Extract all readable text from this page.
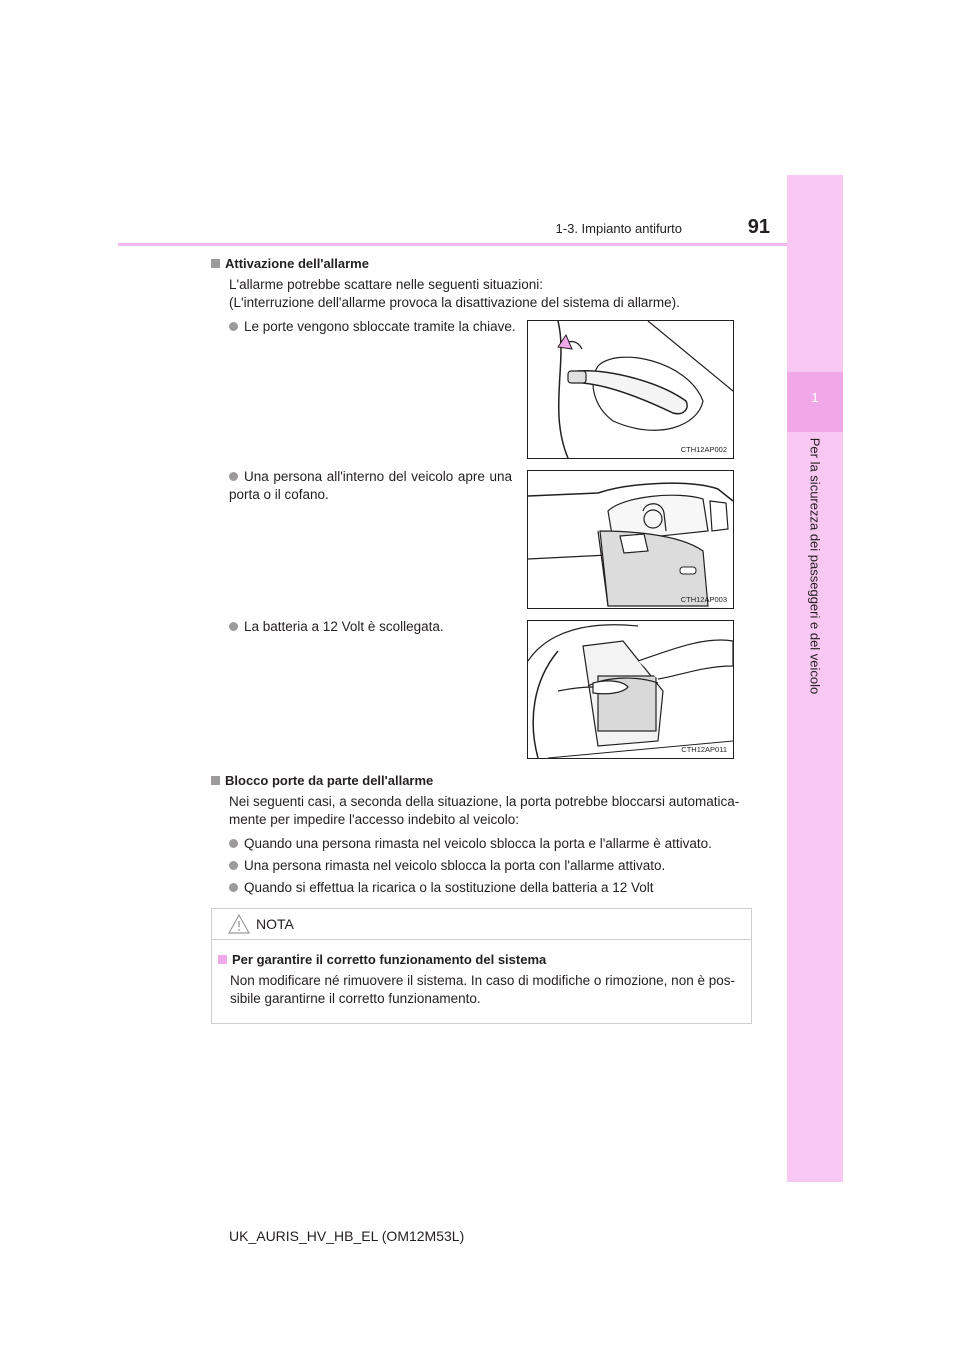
1-3. Impianto antifurto	91
1
Per la sicurezza dei passeggeri e del veicolo
Attivazione dell'allarme
L'allarme potrebbe scattare nelle seguenti situazioni:
(L'interruzione dell'allarme provoca la disattivazione del sistema di allarme).
Le porte vengono sbloccate tramite la chiave.
CTH12AP002
Una persona all'interno del veicolo apre una porta o il cofano.
CTH12AP003
La batteria a 12 Volt è scollegata.
CTH12AP011
Blocco porte da parte dell'allarme
Nei seguenti casi, a seconda della situazione, la porta potrebbe bloccarsi automatica-
mente per impedire l'accesso indebito al veicolo:
Quando una persona rimasta nel veicolo sblocca la porta e l'allarme è attivato.
Una persona rimasta nel veicolo sblocca la porta con l'allarme attivato.
Quando si effettua la ricarica o la sostituzione della batteria a 12 Volt
NOTA
Per garantire il corretto funzionamento del sistema
Non modificare né rimuovere il sistema. In caso di modifiche o rimozione, non è pos-
sibile garantirne il corretto funzionamento.
UK_AURIS_HV_HB_EL (OM12M53L)
